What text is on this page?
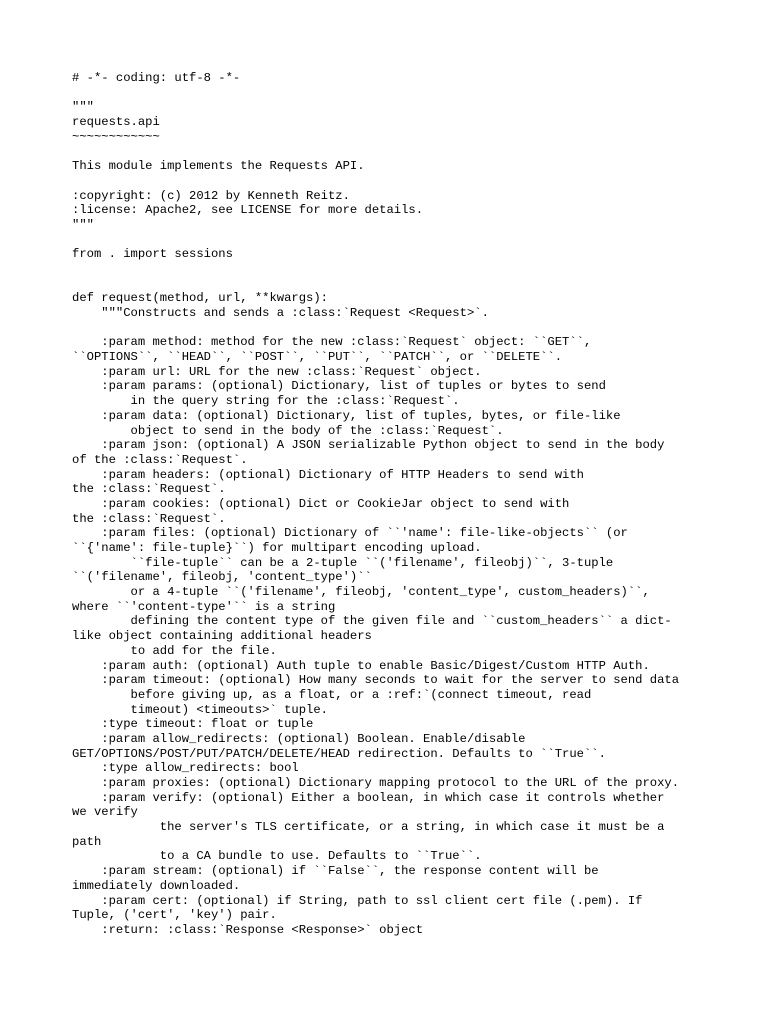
# -*- coding: utf-8 -*-
"""
requests.api
~~~~~~~~~~~~
This module implements the Requests API.
:copyright: (c) 2012 by Kenneth Reitz.
:license: Apache2, see LICENSE for more details.
"""
from . import sessions
def request(method, url, **kwargs):
"""Constructs and sends a :class:`Request <Request>`.
:param method: method for the new :class:`Request` object: ``GET``,
``OPTIONS``, ``HEAD``, ``POST``, ``PUT``, ``PATCH``, or ``DELETE``.
:param url: URL for the new :class:`Request` object.
:param params: (optional) Dictionary, list of tuples or bytes to send
in the query string for the :class:`Request`.
:param data: (optional) Dictionary, list of tuples, bytes, or file-like
object to send in the body of the :class:`Request`.
:param json: (optional) A JSON serializable Python object to send in the body
of the :class:`Request`.
:param headers: (optional) Dictionary of HTTP Headers to send with
the :class:`Request`.
:param cookies: (optional) Dict or CookieJar object to send with
the :class:`Request`.
:param files: (optional) Dictionary of ``'name': file-like-objects`` (or
``{'name': file-tuple}``) for multipart encoding upload.
``file-tuple`` can be a 2-tuple ``('filename', fileobj)``, 3-tuple
``('filename', fileobj, 'content_type')``
or a 4-tuple ``('filename', fileobj, 'content_type', custom_headers)``,
where ``'content-type'`` is a string
defining the content type of the given file and ``custom_headers`` a dict-
like object containing additional headers
to add for the file.
:param auth: (optional) Auth tuple to enable Basic/Digest/Custom HTTP Auth.
:param timeout: (optional) How many seconds to wait for the server to send data
before giving up, as a float, or a :ref:`(connect timeout, read
timeout) <timeouts>` tuple.
:type timeout: float or tuple
:param allow_redirects: (optional) Boolean. Enable/disable
GET/OPTIONS/POST/PUT/PATCH/DELETE/HEAD redirection. Defaults to ``True``.
:type allow_redirects: bool
:param proxies: (optional) Dictionary mapping protocol to the URL of the proxy.
:param verify: (optional) Either a boolean, in which case it controls whether
we verify
the server's TLS certificate, or a string, in which case it must be a
path
to a CA bundle to use. Defaults to ``True``.
:param stream: (optional) if ``False``, the response content will be
immediately downloaded.
:param cert: (optional) if String, path to ssl client cert file (.pem). If
Tuple, ('cert', 'key') pair.
:return: :class:`Response <Response>` object
